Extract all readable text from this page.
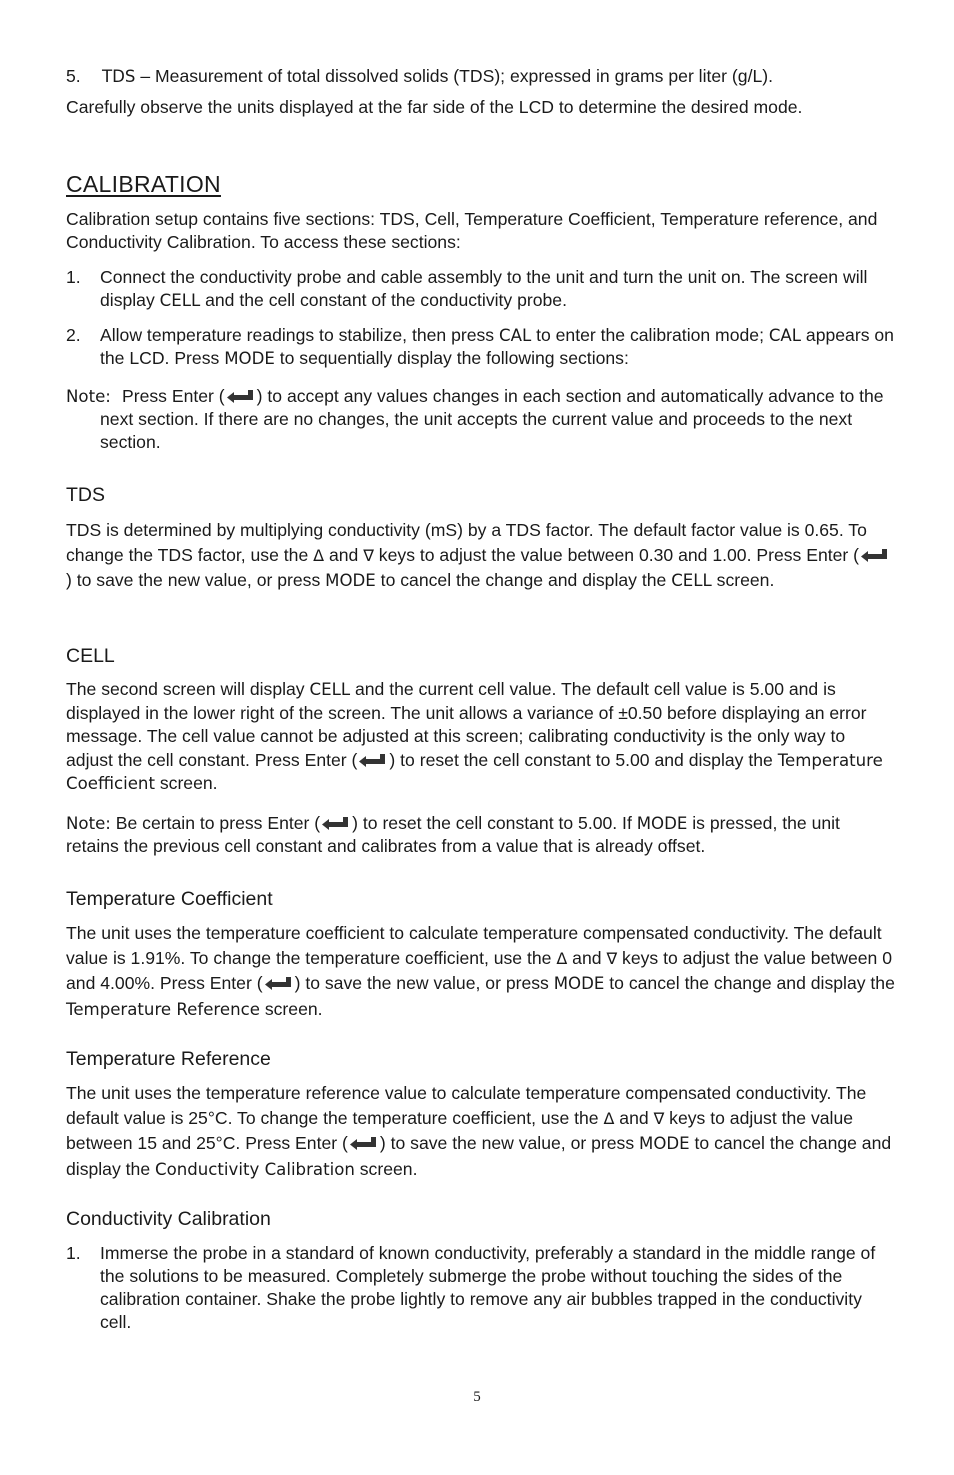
5. TDS – Measurement of total dissolved solids (TDS); expressed in grams per liter (g/L).

Carefully observe the units displayed at the far side of the LCD to determine the desired mode.

CALIBRATION

Calibration setup contains five sections: TDS, Cell, Temperature Coefficient, Temperature reference, and Conductivity Calibration. To access these sections:

1. Connect the conductivity probe and cable assembly to the unit and turn the unit on. The screen will display CELL and the cell constant of the conductivity probe.
2. Allow temperature readings to stabilize, then press CAL to enter the calibration mode; CAL appears on the LCD. Press MODE to sequentially display the following sections:
Note: Press Enter ( ) to accept any values changes in each section and automatically advance to the next section. If there are no changes, the unit accepts the current value and proceeds to the next section.
TDS

TDS is determined by multiplying conductivity (mS) by a TDS factor. The default factor value is 0.65. To change the TDS factor, use the Δ and ∇ keys to adjust the value between 0.30 and 1.00. Press Enter () to save the new value, or press MODE to cancel the change and display the CELL screen.

CELL

The second screen will display CELL and the current cell value. The default cell value is 5.00 and is displayed in the lower right of the screen. The unit allows a variance of ±0.50 before displaying an error message. The cell value cannot be adjusted at this screen; calibrating conductivity is the only way to adjust the cell constant. Press Enter ( ) to reset the cell constant to 5.00 and display the Temperature Coefficient screen.

Note: Be certain to press Enter ( ) to reset the cell constant to 5.00. If MODE is pressed, the unit retains the previous cell constant and calibrates from a value that is already offset.

Temperature Coefficient

The unit uses the temperature coefficient to calculate temperature compensated conductivity. The default value is 1.91%. To change the temperature coefficient, use the Δ and ∇ keys to adjust the value between 0 and 4.00%. Press Enter ( ) to save the new value, or press MODE to cancel the change and display the Temperature Reference screen.

Temperature Reference

The unit uses the temperature reference value to calculate temperature compensated conductivity. The default value is 25°C. To change the temperature coefficient, use the Δ and ∇ keys to adjust the value between 15 and 25°C. Press Enter ( ) to save the new value, or press MODE to cancel the change and display the Conductivity Calibration screen.

Conductivity Calibration
1. Immerse the probe in a standard of known conductivity, preferably a standard in the middle range of the solutions to be measured. Completely submerge the probe without touching the sides of the calibration container. Shake the probe lightly to remove any air bubbles trapped in the conductivity cell.
5
